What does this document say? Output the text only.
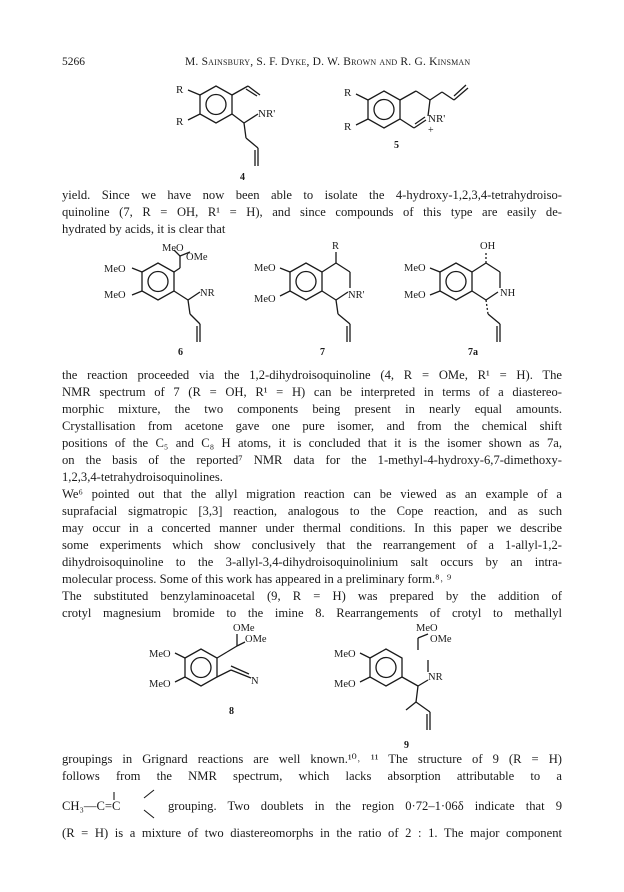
5266	M. Sainsbury, S. F. Dyke, D. W. Brown and R. G. Kinsman
R
R
NR'
4
R
R
NR'
+
5
yield. Since we have now been able to isolate the 4-hydroxy-1,2,3,4-tetrahydroiso-
quinoline (7, R = OH, R¹ = H), and since compounds of this type are easily de-
hydrated by acids, it is clear that
MeO
OMe
MeO
MeO	NR
6
R
MeO
MeO	NR'
7
OH
MeO
MeO	NH
7a
the reaction proceeded via the 1,2-dihydroisoquinoline (4, R = OMe, R¹ = H). The
NMR spectrum of 7 (R = OH, R¹ = H) can be interpreted in terms of a diastereo-
morphic mixture, the two components being present in nearly equal amounts.
Crystallisation from acetone gave one pure isomer, and from the chemical shift
positions of the C₅ and C₈ H atoms, it is concluded that it is the isomer shown as 7a,
on the basis of the reported⁷ NMR data for the 1-methyl-4-hydroxy-6,7-dimethoxy-
1,2,3,4-tetrahydroisoquinolines.
We⁶ pointed out that the allyl migration reaction can be viewed as an example of a
suprafacial sigmatropic [3,3] reaction, analogous to the Cope reaction, and as such
may occur in a concerted manner under thermal conditions. In this paper we describe
some experiments which show conclusively that the rearrangement of a 1-allyl-1,2-
dihydroisoquinoline to the 3-allyl-3,4-dihydroisoquinolinium salt occurs by an intra-
molecular process. Some of this work has appeared in a preliminary form.⁸˒ ⁹
The substituted benzylaminoacetal (9, R = H) was prepared by the addition of
crotyl magnesium bromide to the imine 8. Rearrangements of crotyl to methallyl
OMe
OMe
MeO
MeO	N
8
MeO
OMe
MeO
MeO
NR
9
groupings in Grignard reactions are well known.¹⁰˒ ¹¹ The structure of 9 (R = H)
follows from the NMR spectrum, which lacks absorption attributable to a
CH₃—C=C	grouping. Two doublets in the region 0·72–1·06δ indicate that 9
(R = H) is a mixture of two diastereomorphs in the ratio of 2 : 1. The major component
